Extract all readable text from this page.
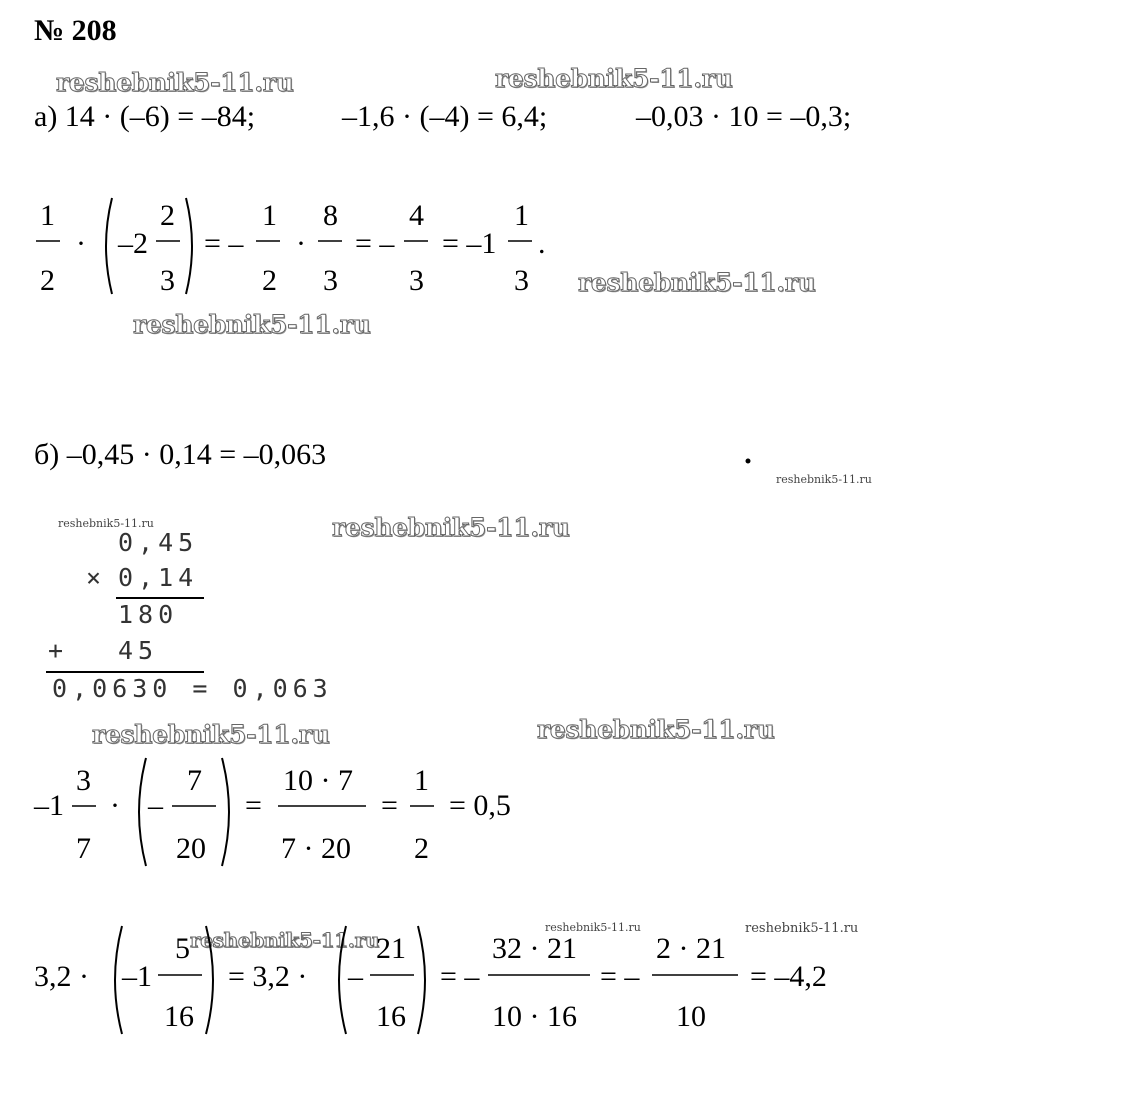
№ 208
reshebnik5-11.ru	reshebnik5-11.ru
reshebnik5-11.ru
reshebnik5-11.ru
reshebnik5-11.ru
reshebnik5-11.ru	reshebnik5-11.ru
reshebnik5-11.ru
reshebnik5-11.ru
reshebnik5-11.ru
reshebnik5-11.ru	reshebnik5-11.ru
а) 14 · (–6) = –84;	–1,6 · (–4) = 6,4;	–0,03 · 10 = –0,3;
1
2
· –2
2
3
= –
1
2
·
8
3
= –
4
3
= –1
1
3
.
–1
3
7
· –
7
20
=
10 · 7
7 · 20
=
1
2
= 0,5
3,2 · –1
5
16
= 3,2 · –
21
16
= –
32 · 21
10 · 16
= –
2 · 21
10
= –4,2
б) –0,45 · 0,14 = –0,063
0,45
× 0,14
180
+ 45
0,0630 = 0,063
